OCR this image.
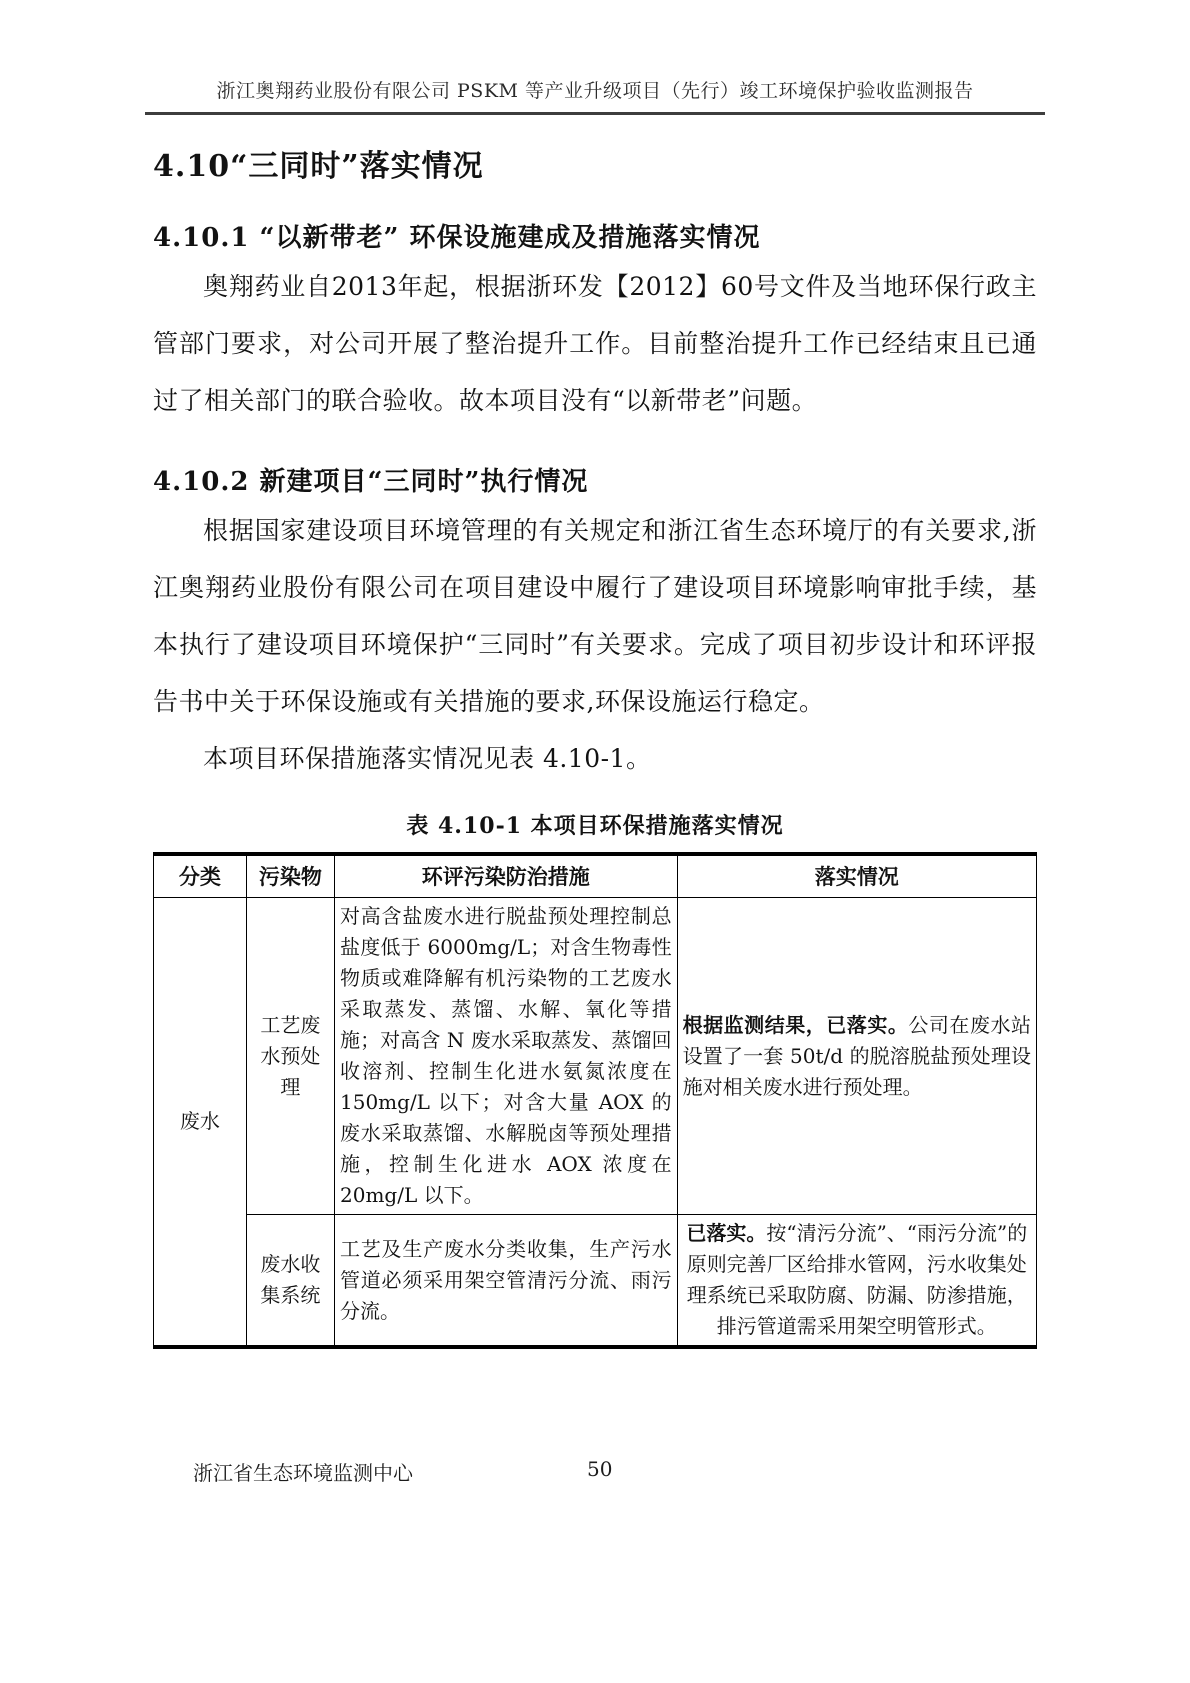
浙江奥翔药业股份有限公司 PSKM 等产业升级项目（先行）竣工环境保护验收监测报告
4.10“三同时”落实情况
4.10.1 “以新带老” 环保设施建成及措施落实情况

奥翔药业自2013年起，根据浙环发【2012】60号文件及当地环保行政主管部门要求，对公司开展了整治提升工作。目前整治提升工作已经结束且已通过了相关部门的联合验收。故本项目没有“以新带老”问题。

4.10.2 新建项目“三同时”执行情况

根据国家建设项目环境管理的有关规定和浙江省生态环境厅的有关要求,浙江奥翔药业股份有限公司在项目建设中履行了建设项目环境影响审批手续，基本执行了建设项目环境保护“三同时”有关要求。完成了项目初步设计和环评报告书中关于环保设施或有关措施的要求,环保设施运行稳定。

本项目环保措施落实情况见表 4.10-1。

表 4.10-1 本项目环保措施落实情况
分类	污染物	环评污染防治措施	落实情况
废水	工艺废水预处理	对高含盐废水进行脱盐预处理控制总盐度低于 6000mg/L；对含生物毒性物质或难降解有机污染物的工艺废水采取蒸发、蒸馏、水解、氧化等措施；对高含 N 废水采取蒸发、蒸馏回收溶剂、控制生化进水氨氮浓度在 150mg/L 以下；对含大量 AOX 的废水采取蒸馏、水解脱卤等预处理措施，控制生化进水 AOX 浓度在 20mg/L 以下。	根据监测结果，已落实。公司在废水站设置了一套 50t/d 的脱溶脱盐预处理设施对相关废水进行预处理。
	废水收集系统	工艺及生产废水分类收集，生产污水管道必须采用架空管清污分流、雨污分流。	已落实。按“清污分流”、“雨污分流”的原则完善厂区给排水管网，污水收集处理系统已采取防腐、防漏、防渗措施，排污管道需采用架空明管形式。
浙江省生态环境监测中心	50
